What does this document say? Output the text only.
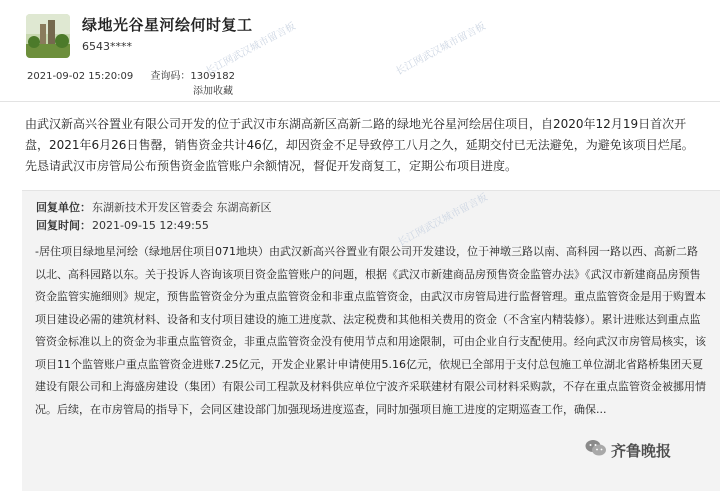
绿地光谷星河绘何时复工
6543****
2021-09-02 15:20:09 查询码：1309182
添加收藏
长江网武汉城市留言板	长江网武汉城市留言板
由武汉新高兴谷置业有限公司开发的位于武汉市东湖高新区高新二路的绿地光谷星河绘居住项目，自2020年12月19日首次开盘，2021年6月26日售罄，销售资金共计46亿，却因资金不足导致停工八月之久，延期交付已无法避免，为避免该项目烂尾。先恳请武汉市房管局公布预售资金监管账户余额情况，督促开发商复工，定期公布项目进度。
回复单位：东湖新技术开发区管委会 东湖高新区
回复时间：2021-09-15 12:49:55	长江网武汉城市留言板
-居住项目绿地星河绘（绿地居住项目071地块）由武汉新高兴谷置业有限公司开发建设，位于神墩三路以南、高科园一路以西、高新二路以北、高科园路以东。关于投诉人咨询该项目资金监管账户的问题，根据《武汉市新建商品房预售资金监管办法》《武汉市新建商品房预售资金监管实施细则》规定，预售监管资金分为重点监管资金和非重点监管资金，由武汉市房管局进行监督管理。重点监管资金是用于购置本项目建设必需的建筑材料、设备和支付项目建设的施工进度款、法定税费和其他相关费用的资金（不含室内精装修）。累计进账达到重点监管资金标准以上的资金为非重点监管资金，非重点监管资金没有使用节点和用途限制，可由企业自行支配使用。经向武汉市房管局核实，该项目11个监管账户重点监管资金进账7.25亿元，开发企业累计申请使用5.16亿元，依规已全部用于支付总包施工单位湖北省路桥集团天夏建设有限公司和上海盛房建设（集团）有限公司工程款及材料供应单位宁波齐采联建材有限公司材料采购款，不存在重点监管资金被挪用情况。后续，在市房管局的指导下，会同区建设部门加强现场进度巡查，同时加强项目施工进度的定期巡查工作，确保...
齐鲁晚报
